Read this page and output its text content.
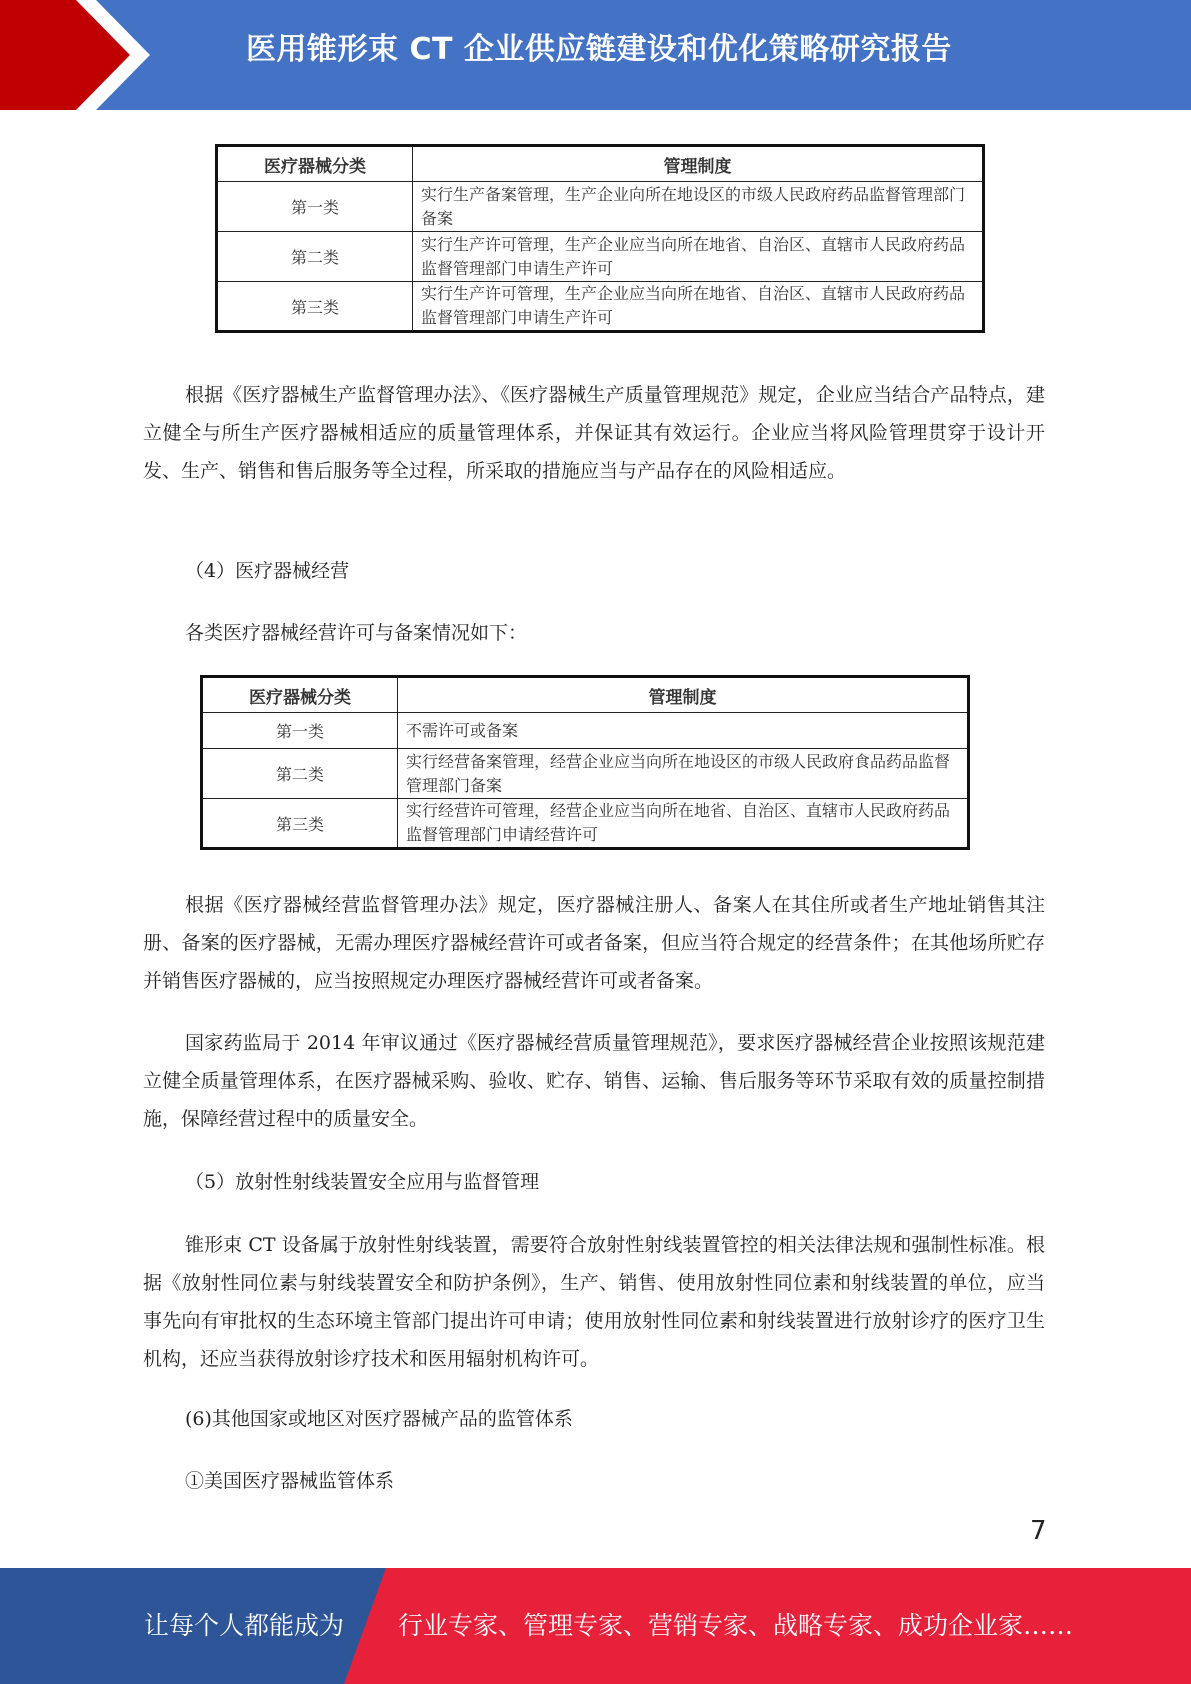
医用锥形束 CT 企业供应链建设和优化策略研究报告
医疗器械分类	管理制度
第一类	实行生产备案管理，生产企业向所在地设区的市级人民政府药品监督管理部门备案
第二类	实行生产许可管理，生产企业应当向所在地省、自治区、直辖市人民政府药品监督管理部门申请生产许可
第三类	实行生产许可管理，生产企业应当向所在地省、自治区、直辖市人民政府药品监督管理部门申请生产许可
根据《医疗器械生产监督管理办法》、《医疗器械生产质量管理规范》规定，企业应当结合产品特点，建立健全与所生产医疗器械相适应的质量管理体系，并保证其有效运行。企业应当将风险管理贯穿于设计开发、生产、销售和售后服务等全过程，所采取的措施应当与产品存在的风险相适应。
（4）医疗器械经营
各类医疗器械经营许可与备案情况如下：
医疗器械分类	管理制度
第一类	不需许可或备案
第二类	实行经营备案管理，经营企业应当向所在地设区的市级人民政府食品药品监督管理部门备案
第三类	实行经营许可管理，经营企业应当向所在地省、自治区、直辖市人民政府药品监督管理部门申请经营许可
根据《医疗器械经营监督管理办法》规定，医疗器械注册人、备案人在其住所或者生产地址销售其注册、备案的医疗器械，无需办理医疗器械经营许可或者备案，但应当符合规定的经营条件；在其他场所贮存并销售医疗器械的，应当按照规定办理医疗器械经营许可或者备案。
国家药监局于 2014 年审议通过《医疗器械经营质量管理规范》，要求医疗器械经营企业按照该规范建立健全质量管理体系，在医疗器械采购、验收、贮存、销售、运输、售后服务等环节采取有效的质量控制措施，保障经营过程中的质量安全。
（5）放射性射线装置安全应用与监督管理
锥形束 CT 设备属于放射性射线装置，需要符合放射性射线装置管控的相关法律法规和强制性标准。根据《放射性同位素与射线装置安全和防护条例》，生产、销售、使用放射性同位素和射线装置的单位，应当事先向有审批权的生态环境主管部门提出许可申请；使用放射性同位素和射线装置进行放射诊疗的医疗卫生机构，还应当获得放射诊疗技术和医用辐射机构许可。
(6)其他国家或地区对医疗器械产品的监管体系
①美国医疗器械监管体系
7
让每个人都能成为 行业专家、管理专家、营销专家、战略专家、成功企业家……
